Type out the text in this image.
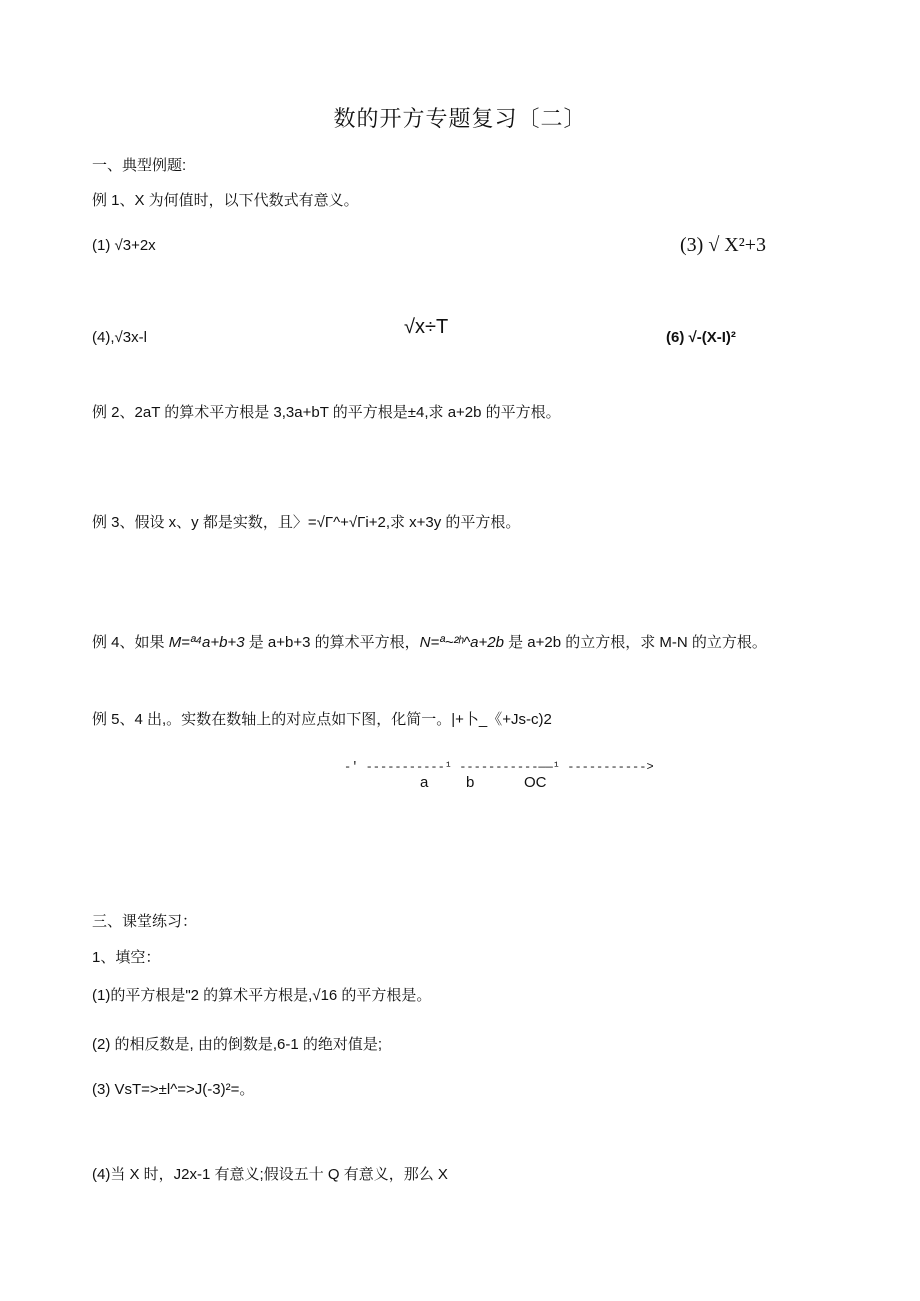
数的开方专题复习〔二〕
一、典型例题:
例 1、X 为何值时，以下代数式有意义。
(1) √3+2x	(3) √ X²+3
√x÷T
(4),√3x-l	(6) √-(X-I)²
例 2、2aT 的算术平方根是 3,3a+bT 的平方根是±4,求 a+2b 的平方根。
例 3、假设 x、y 都是实数，且〉=√Γ^+√Γi+2,求 x+3y 的平方根。
例 4、如果 M=ª⁴a+b+3 是 a+b+3 的算术平方根，N=ª~²ʰ^a+2b 是 a+2b 的立方根，求 M-N 的立方根。
例 5、4 出,。实数在数轴上的对应点如下图，化简一。|+卜_《+Js-c)2
-' -----------¹ -----------——¹ ----------->
a	b	OC
三、课堂练习：
1、填空：
(1)的平方根是"2 的算术平方根是,√16 的平方根是。
(2) 的相反数是, 由的倒数是,6-1 的绝对值是;
(3) VsT=>±l^=>J(-3)²=。
(4)当 X 时，J2x-1 有意义;假设五十 Q 有意义，那么 X
